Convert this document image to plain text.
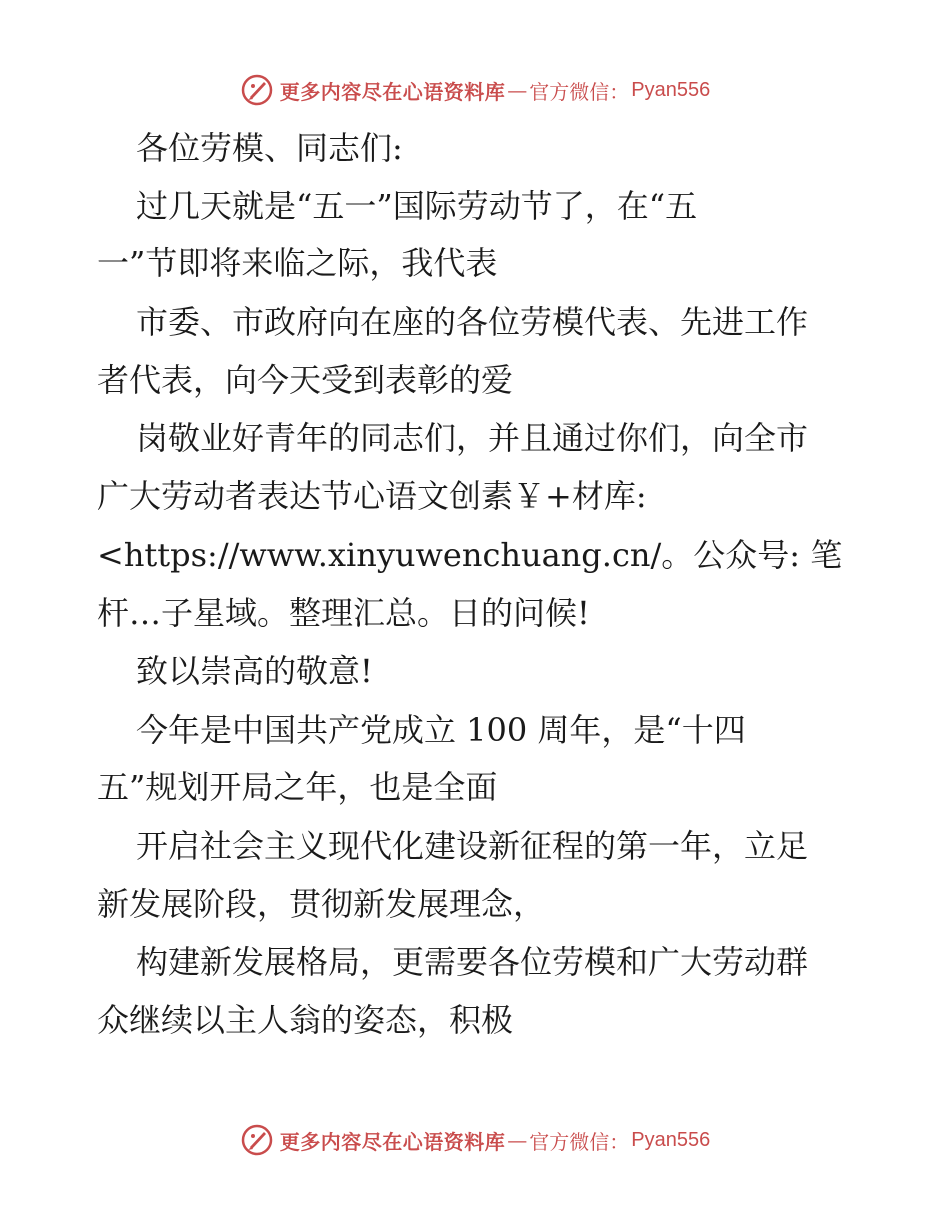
更多内容尽在心语资料库 — 官方微信： Pyan556
各位劳模、同志们:
过几天就是“五一”国际劳动节了，在“五
一”节即将来临之际，我代表
市委、市政府向在座的各位劳模代表、先进工作
者代表，向今天受到表彰的爱
岗敬业好青年的同志们，并且通过你们，向全市
广大劳动者表达节心语文创素￥+材库:
<https://www.xinyuwenchuang.cn/。公众号: 笔
杆…子星域。整理汇总。日的问候!
致以崇高的敬意!
今年是中国共产党成立 100 周年，是“十四
五”规划开局之年，也是全面
开启社会主义现代化建设新征程的第一年，立足
新发展阶段，贯彻新发展理念，
构建新发展格局，更需要各位劳模和广大劳动群
众继续以主人翁的姿态，积极
更多内容尽在心语资料库 — 官方微信： Pyan556
